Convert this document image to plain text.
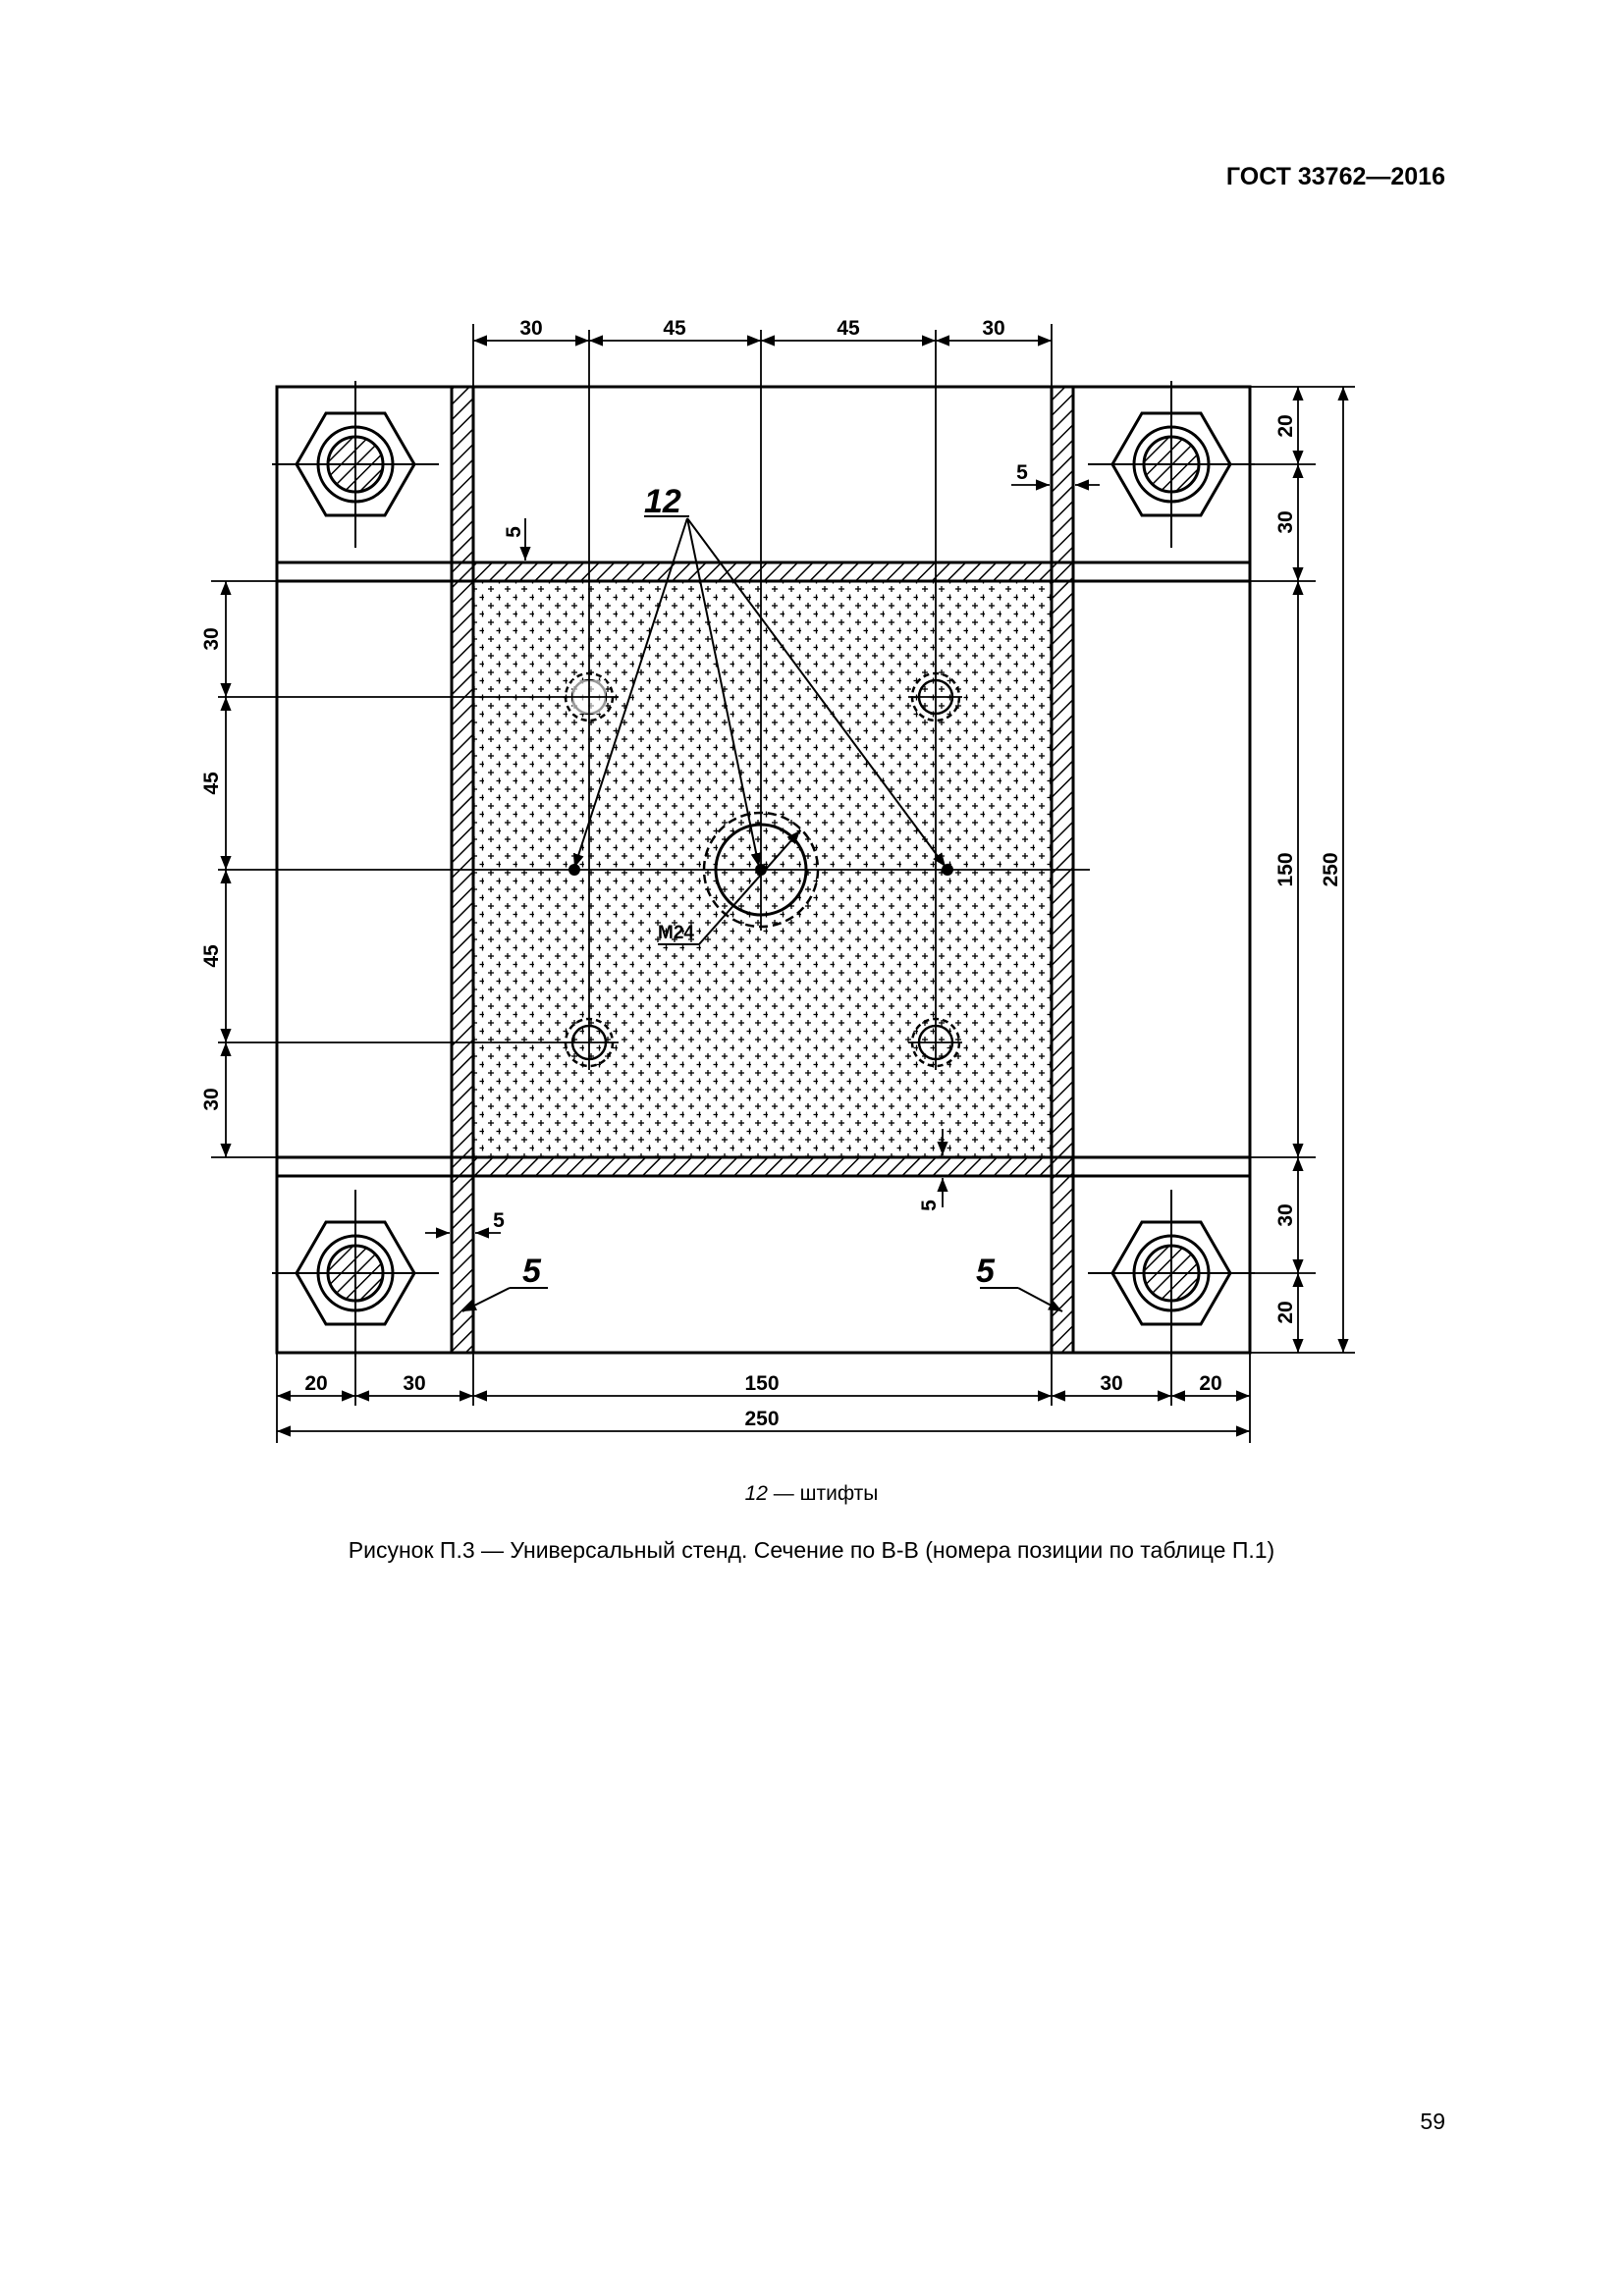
ГОСТ 33762—2016
12
M24
5	5
30	45	45	30
30
45
45
30
20
30
150
30
20
250
20	30	150	30	20
250
5
5
5
5
12 — штифты
Рисунок П.3 — Универсальный стенд. Сечение по В-В (номера позиции по таблице П.1)
59
